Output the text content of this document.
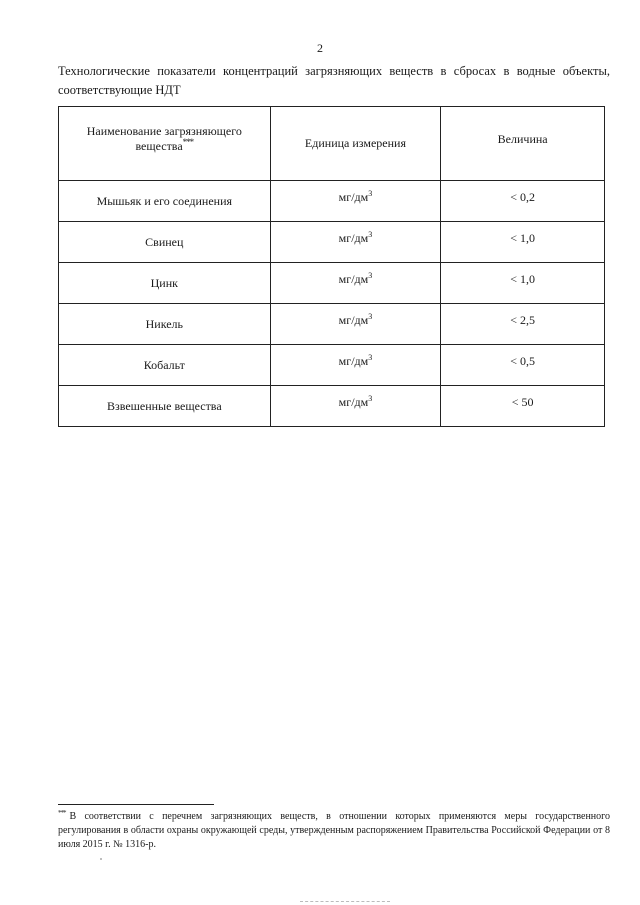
2
Технологические показатели концентраций загрязняющих веществ в сбросах в водные объекты, соответствующие НДТ
Наименование загрязняющего вещества***	Единица измерения	Величина
Мышьяк и его соединения	$мг/дм^3$	< 0,2
Свинец	$мг/дм^3$	< 1,0
Цинк	$мг/дм^3$	< 1,0
Никель	$мг/дм^3$	< 2,5
Кобальт	$мг/дм^3$	< 0,5
Взвешенные вещества	$мг/дм^3$	< 50
*** В соответствии с перечнем загрязняющих веществ, в отношении которых применяются меры государственного регулирования в области охраны окружающей среды, утвержденным распоряжением Правительства Российской Федерации от 8 июля 2015 г. № 1316-р.
